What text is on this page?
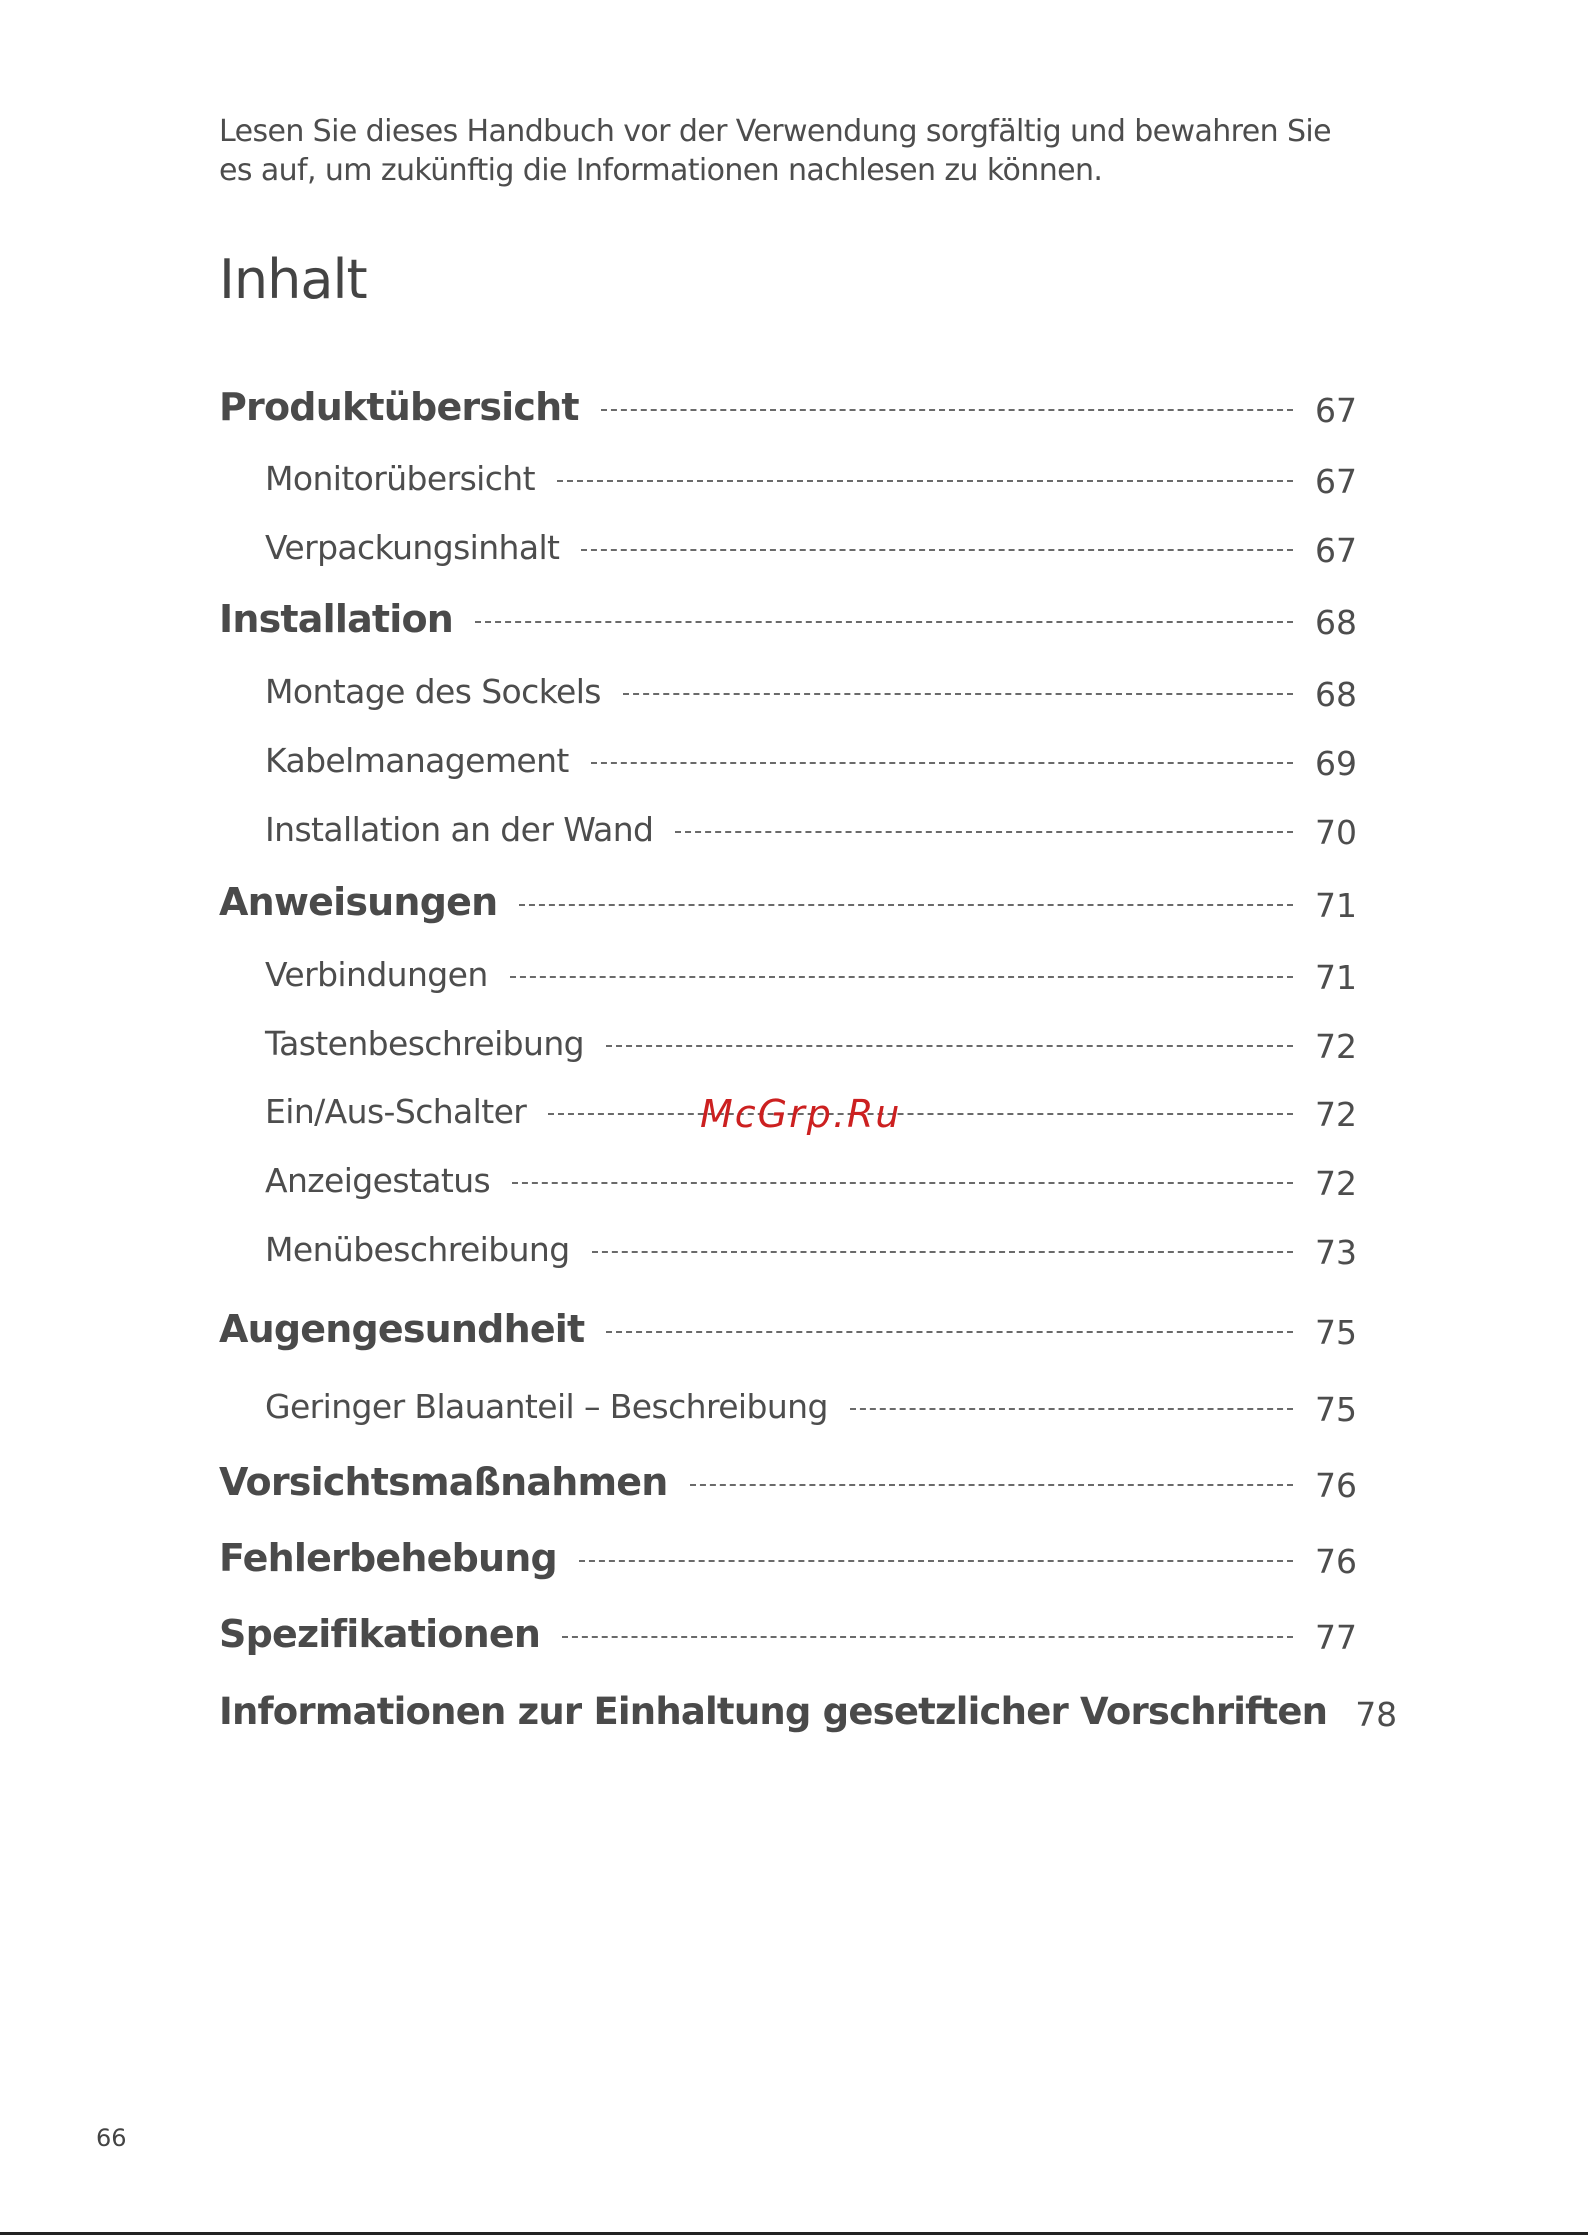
Lesen Sie dieses Handbuch vor der Verwendung sorgfältig und bewahren Sie es auf, um zukünftig die Informationen nachlesen zu können.

Inhalt
Produktübersicht	67
Monitorübersicht	67
Verpackungsinhalt	67
Installation	68
Montage des Sockels	68
Kabelmanagement	69
Installation an der Wand	70
Anweisungen	71
Verbindungen	71
Tastenbeschreibung	72
Ein/Aus-Schalter	72
Anzeigestatus	72
Menübeschreibung	73
Augengesundheit	75
Geringer Blauanteil – Beschreibung	75
Vorsichtsmaßnahmen	76
Fehlerbehebung	76
Spezifikationen	77
Informationen zur Einhaltung gesetzlicher Vorschriften 78
McGrp.Ru
66
